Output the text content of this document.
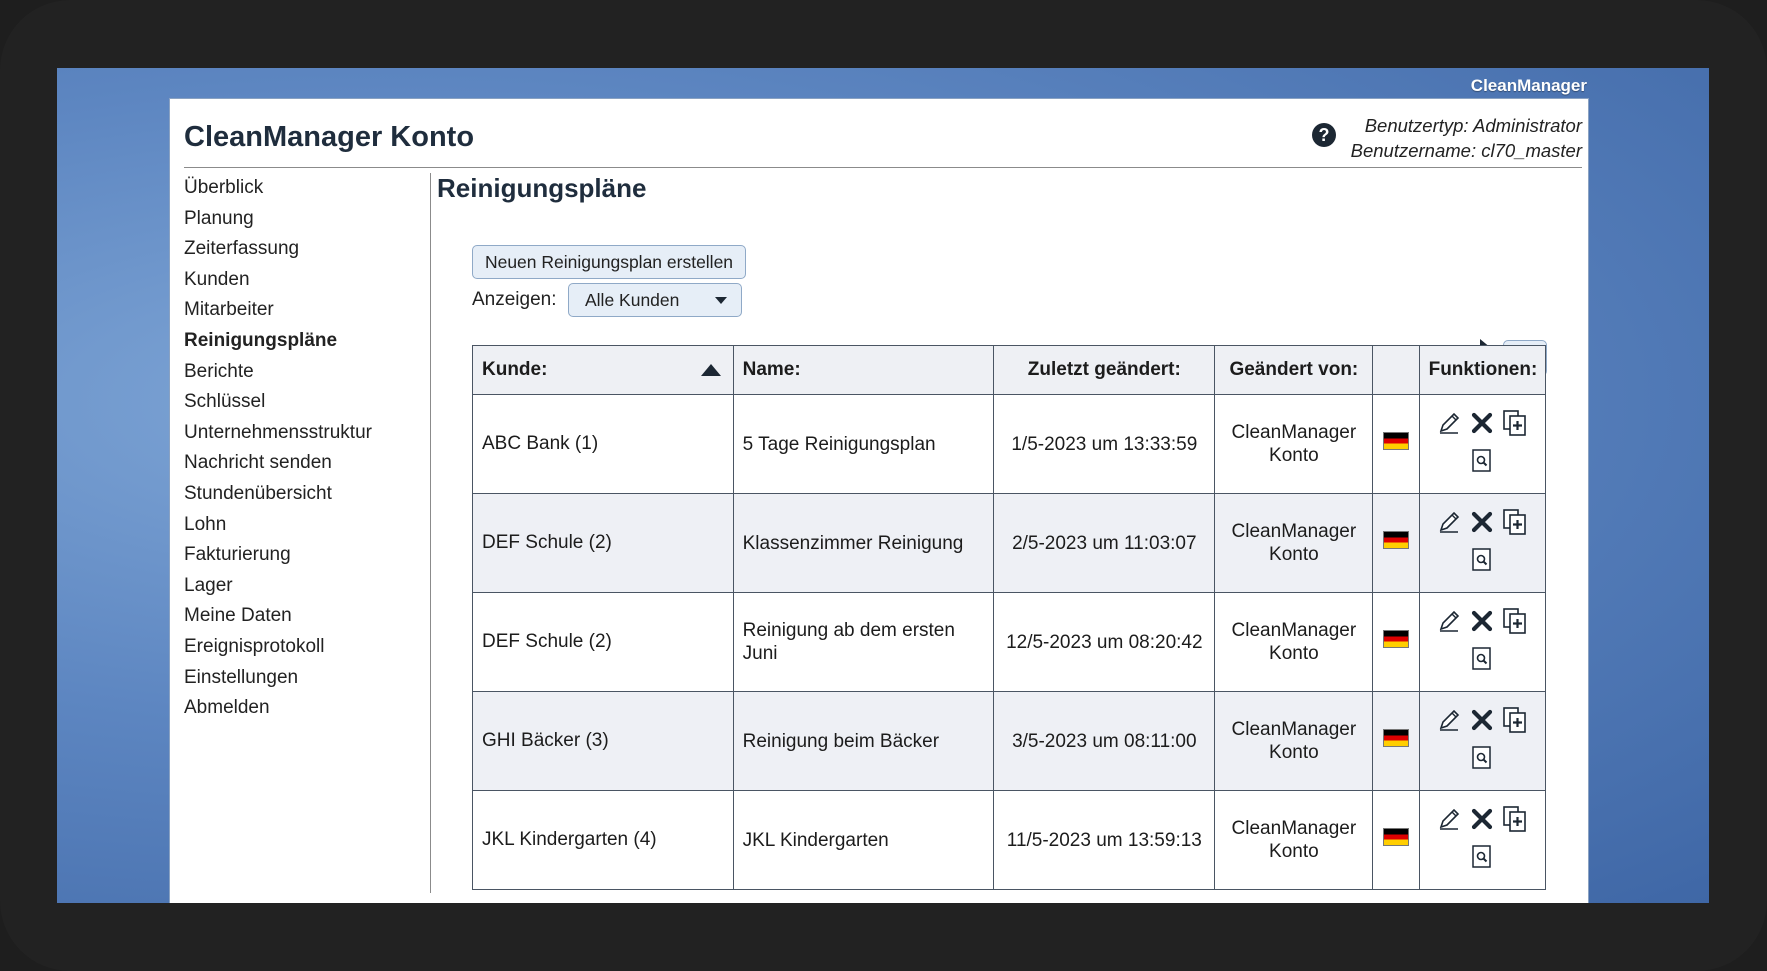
CleanManager
CleanManager Konto	?	Benutzertyp: Administrator
Benutzername: cl70_master
Überblick
Planung
Zeiterfassung
Kunden
Mitarbeiter
Reinigungspläne
Berichte
Schlüssel
Unternehmensstruktur
Nachricht senden
Stundenübersicht
Lohn
Fakturierung
Lager
Meine Daten
Ereignisprotokoll
Einstellungen
Abmelden
Reinigungspläne
Neuen Reinigungsplan erstellen
Anzeigen: Alle Kunden
Kunde:	Name:	Zuletzt geändert:	Geändert von:		Funktionen:
ABC Bank (1)	5 Tage Reinigungsplan	1/5-2023 um 13:33:59	CleanManager Konto		

DEF Schule (2)	Klassenzimmer Reinigung	2/5-2023 um 11:03:07	CleanManager Konto		

DEF Schule (2)	Reinigung ab dem ersten Juni	12/5-2023 um 08:20:42	CleanManager Konto		

GHI Bäcker (3)	Reinigung beim Bäcker	3/5-2023 um 08:11:00	CleanManager Konto		

JKL Kindergarten (4)	JKL Kindergarten	11/5-2023 um 13:59:13	CleanManager Konto		
